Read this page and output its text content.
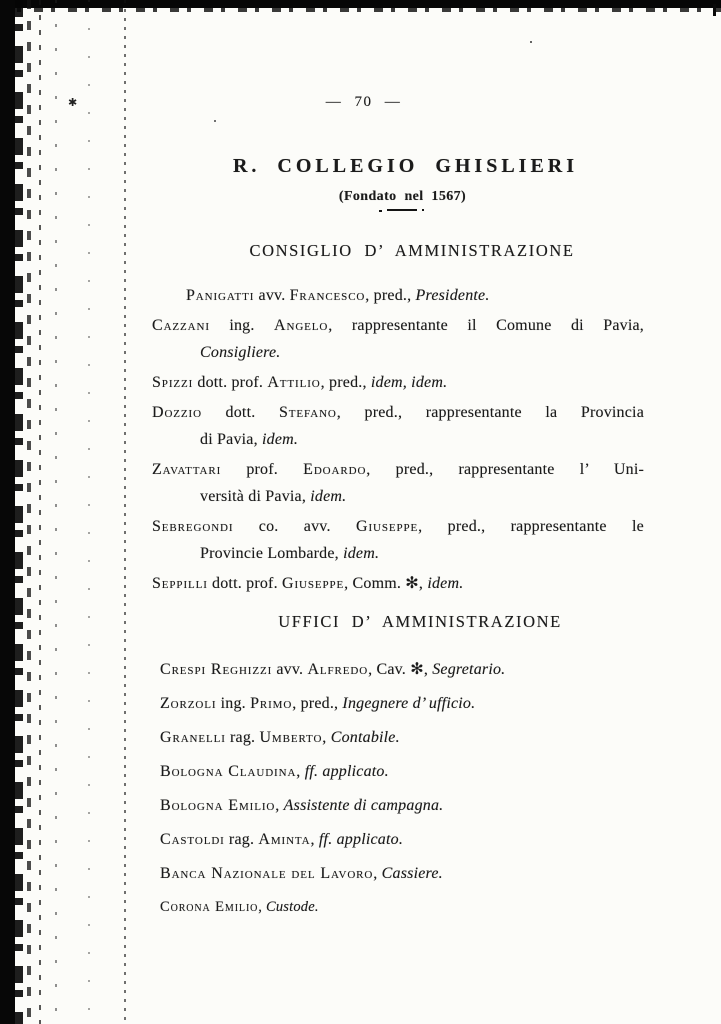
✱	— 70 —
R. COLLEGIO GHISLIERI
(Fondato nel 1567)
CONSIGLIO D’ AMMINISTRAZIONE

Panigatti avv. Francesco, pred., Presidente.

Cazzani ing. Angelo, rappresentante il Comune di Pavia,
Consigliere.

Spizzi dott. prof. Attilio, pred., idem, idem.

Dozzio dott. Stefano, pred., rappresentante la Provincia
di Pavia, idem.

Zavattari prof. Edoardo, pred., rappresentante l’ Uni-
versità di Pavia, idem.

Sebregondi co. avv. Giuseppe, pred., rappresentante le
Provincie Lombarde, idem.

Seppilli dott. prof. Giuseppe, Comm. ✻, idem.

UFFICI D’ AMMINISTRAZIONE

Crespi Reghizzi avv. Alfredo, Cav. ✻, Segretario.

Zorzoli ing. Primo, pred., Ingegnere d’ ufficio.

Granelli rag. Umberto, Contabile.

Bologna Claudina, ff. applicato.

Bologna Emilio, Assistente di campagna.

Castoldi rag. Aminta, ff. applicato.

Banca Nazionale del Lavoro, Cassiere.

Corona Emilio, Custode.
